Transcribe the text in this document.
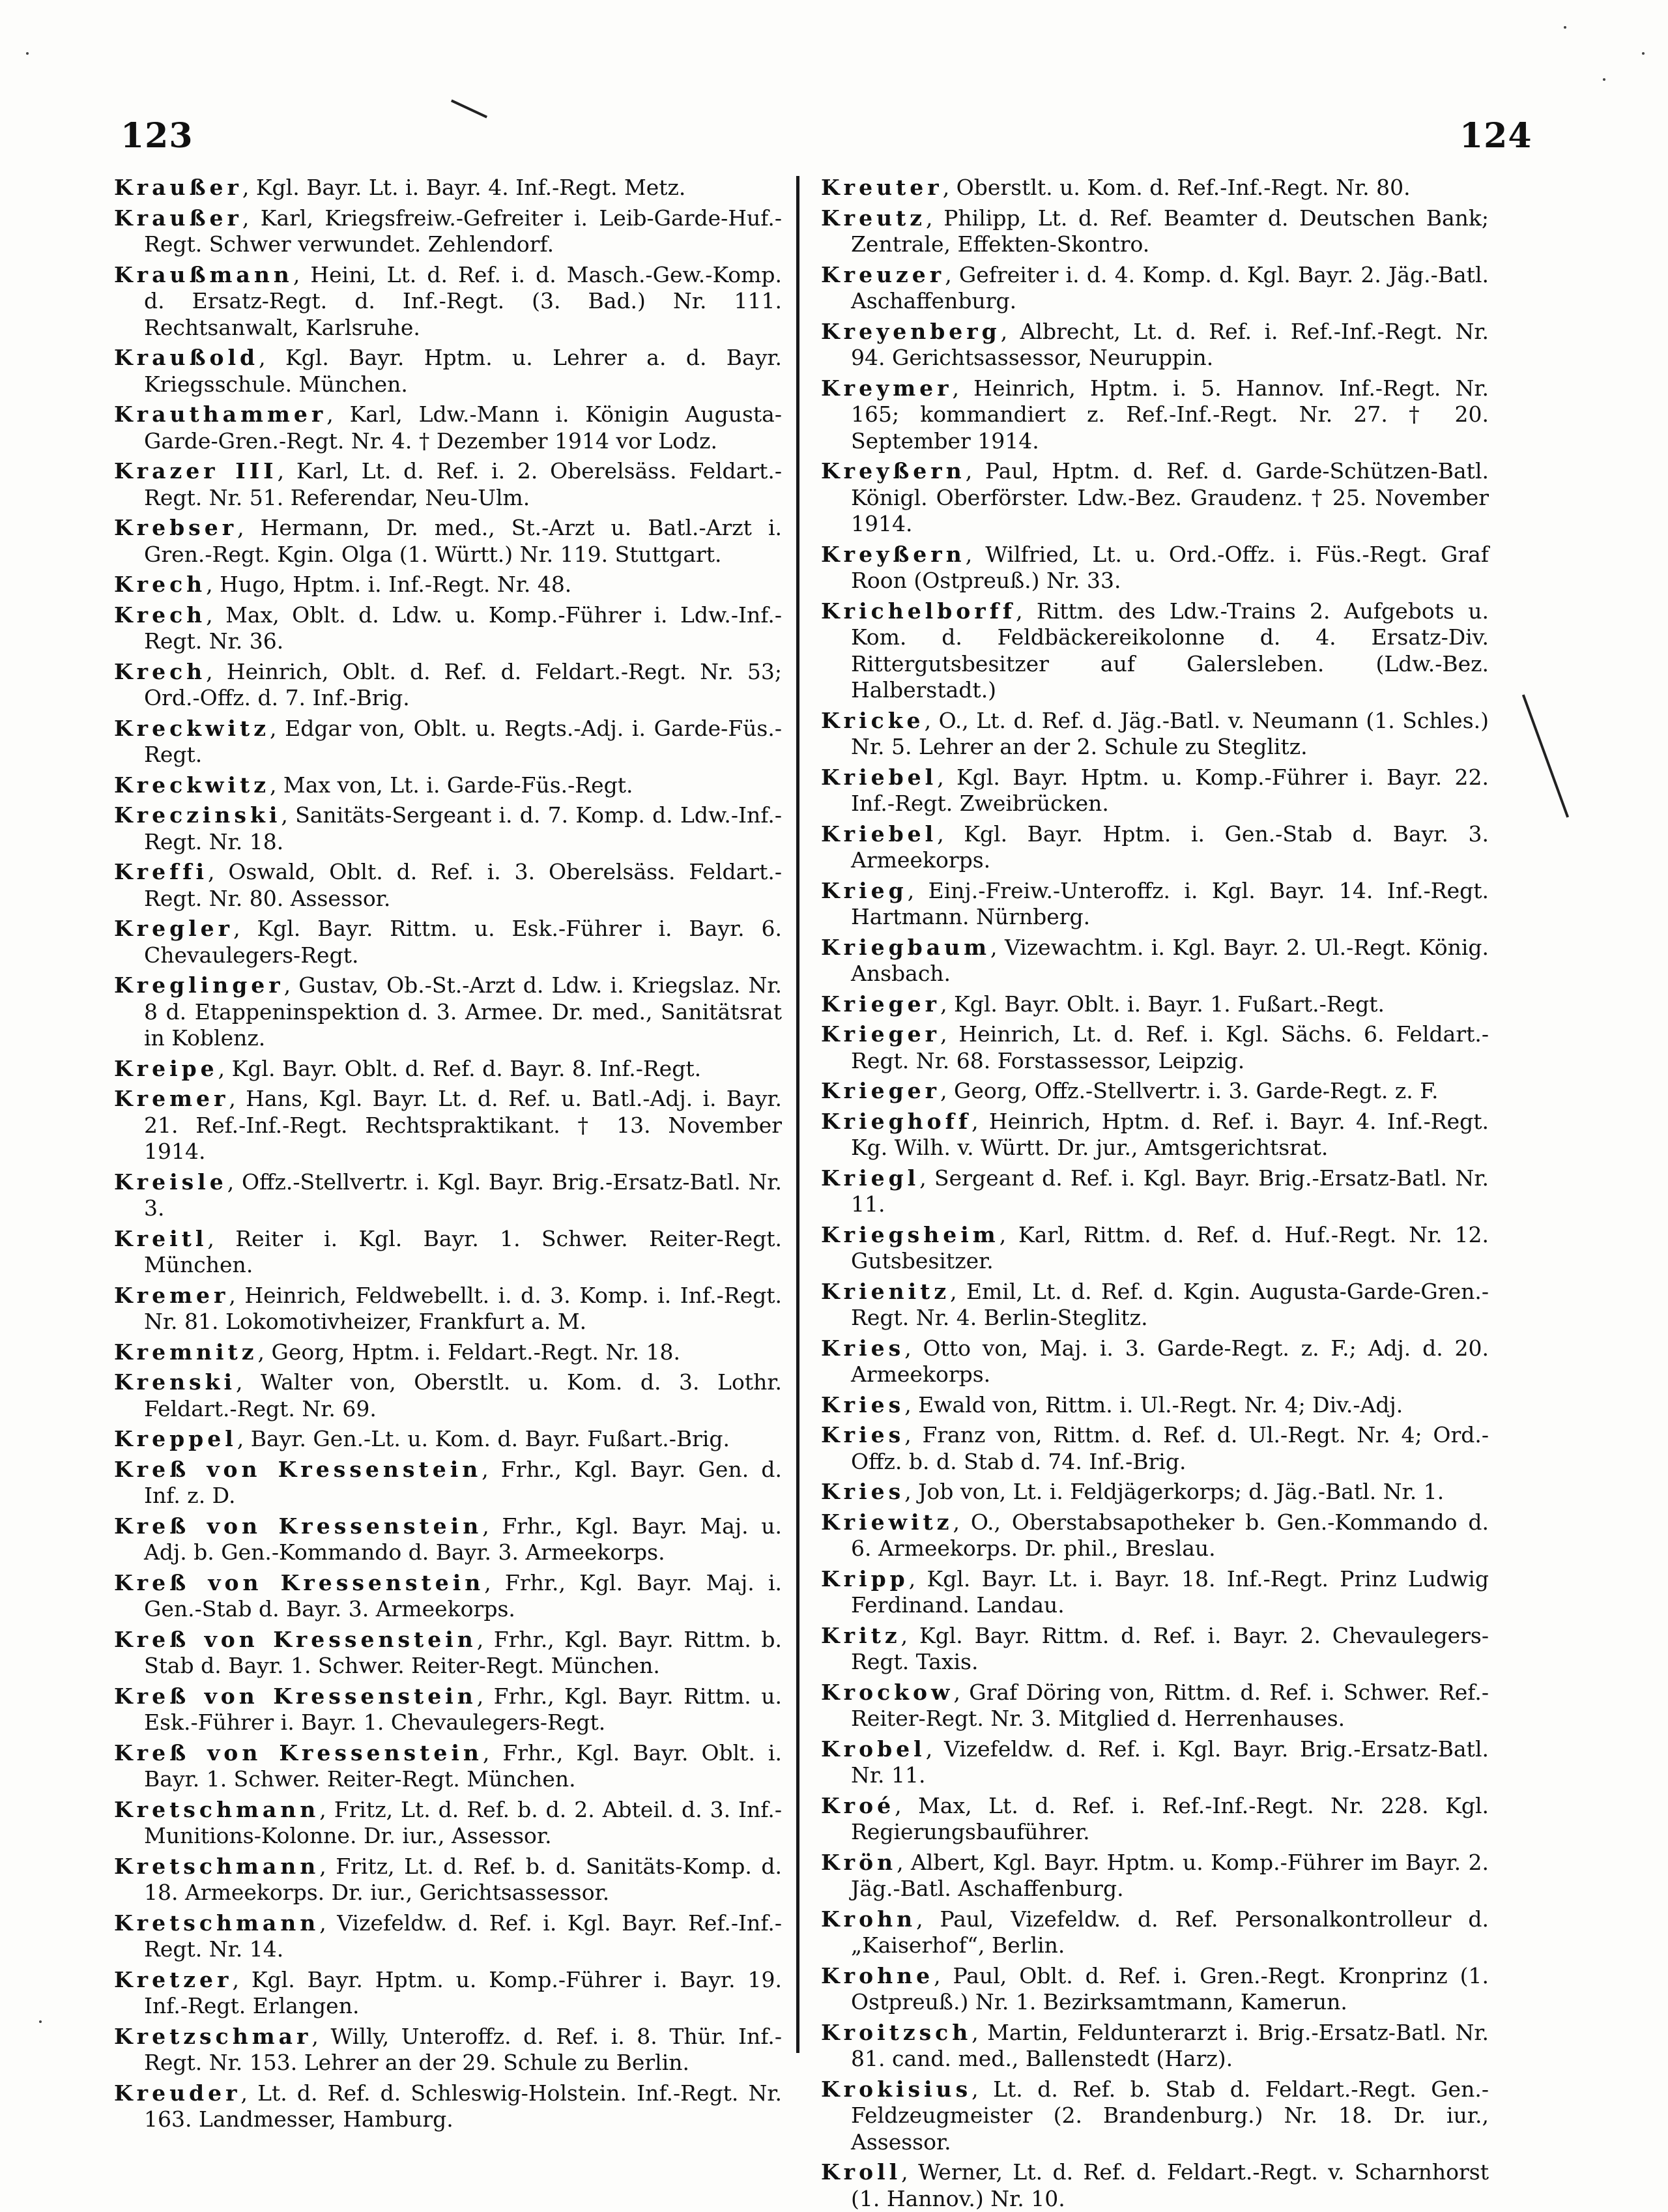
123	124

Kraußer, Kgl. Bayr. Lt. i. Bayr. 4. Inf.-Regt. Metz.

Kraußer, Karl, Kriegsfreiw.-Gefreiter i. Leib-Garde-Huf.-Regt. Schwer verwundet. Zehlendorf.

Kraußmann, Heini, Lt. d. Ref. i. d. Masch.-Gew.-Komp. d. Ersatz-Regt. d. Inf.-Regt. (3. Bad.) Nr. 111. Rechtsanwalt, Karlsruhe.

Kraußold, Kgl. Bayr. Hptm. u. Lehrer a. d. Bayr. Kriegsschule. München.

Krauthammer, Karl, Ldw.-Mann i. Königin Augusta-Garde-Gren.-Regt. Nr. 4. † Dezember 1914 vor Lodz.

Krazer III, Karl, Lt. d. Ref. i. 2. Oberelsäss. Feldart.-Regt. Nr. 51. Referendar, Neu-Ulm.

Krebser, Hermann, Dr. med., St.-Arzt u. Batl.-Arzt i. Gren.-Regt. Kgin. Olga (1. Württ.) Nr. 119. Stuttgart.

Krech, Hugo, Hptm. i. Inf.-Regt. Nr. 48.

Krech, Max, Oblt. d. Ldw. u. Komp.-Führer i. Ldw.-Inf.-Regt. Nr. 36.

Krech, Heinrich, Oblt. d. Ref. d. Feldart.-Regt. Nr. 53; Ord.-Offz. d. 7. Inf.-Brig.

Kreckwitz, Edgar von, Oblt. u. Regts.-Adj. i. Garde-Füs.-Regt.

Kreckwitz, Max von, Lt. i. Garde-Füs.-Regt.

Kreczinski, Sanitäts-Sergeant i. d. 7. Komp. d. Ldw.-Inf.-Regt. Nr. 18.

Kreffi, Oswald, Oblt. d. Ref. i. 3. Oberelsäss. Feldart.-Regt. Nr. 80. Assessor.

Kregler, Kgl. Bayr. Rittm. u. Esk.-Führer i. Bayr. 6. Chevaulegers-Regt.

Kreglinger, Gustav, Ob.-St.-Arzt d. Ldw. i. Kriegslaz. Nr. 8 d. Etappeninspektion d. 3. Armee. Dr. med., Sanitätsrat in Koblenz.

Kreipe, Kgl. Bayr. Oblt. d. Ref. d. Bayr. 8. Inf.-Regt.

Kremer, Hans, Kgl. Bayr. Lt. d. Ref. u. Batl.-Adj. i. Bayr. 21. Ref.-Inf.-Regt. Rechtspraktikant. † 13. November 1914.

Kreisle, Offz.-Stellvertr. i. Kgl. Bayr. Brig.-Ersatz-Batl. Nr. 3.

Kreitl, Reiter i. Kgl. Bayr. 1. Schwer. Reiter-Regt. München.

Kremer, Heinrich, Feldwebellt. i. d. 3. Komp. i. Inf.-Regt. Nr. 81. Lokomotivheizer, Frankfurt a. M.

Kremnitz, Georg, Hptm. i. Feldart.-Regt. Nr. 18.

Krenski, Walter von, Oberstlt. u. Kom. d. 3. Lothr. Feldart.-Regt. Nr. 69.

Kreppel, Bayr. Gen.-Lt. u. Kom. d. Bayr. Fußart.-Brig.

Kreß von Kressenstein, Frhr., Kgl. Bayr. Gen. d. Inf. z. D.

Kreß von Kressenstein, Frhr., Kgl. Bayr. Maj. u. Adj. b. Gen.-Kommando d. Bayr. 3. Armeekorps.

Kreß von Kressenstein, Frhr., Kgl. Bayr. Maj. i. Gen.-Stab d. Bayr. 3. Armeekorps.

Kreß von Kressenstein, Frhr., Kgl. Bayr. Rittm. b. Stab d. Bayr. 1. Schwer. Reiter-Regt. München.

Kreß von Kressenstein, Frhr., Kgl. Bayr. Rittm. u. Esk.-Führer i. Bayr. 1. Chevaulegers-Regt.

Kreß von Kressenstein, Frhr., Kgl. Bayr. Oblt. i. Bayr. 1. Schwer. Reiter-Regt. München.

Kretschmann, Fritz, Lt. d. Ref. b. d. 2. Abteil. d. 3. Inf.-Munitions-Kolonne. Dr. iur., Assessor.

Kretschmann, Fritz, Lt. d. Ref. b. d. Sanitäts-Komp. d. 18. Armeekorps. Dr. iur., Gerichtsassessor.

Kretschmann, Vizefeldw. d. Ref. i. Kgl. Bayr. Ref.-Inf.-Regt. Nr. 14.

Kretzer, Kgl. Bayr. Hptm. u. Komp.-Führer i. Bayr. 19. Inf.-Regt. Erlangen.

Kretzschmar, Willy, Unteroffz. d. Ref. i. 8. Thür. Inf.-Regt. Nr. 153. Lehrer an der 29. Schule zu Berlin.

Kreuder, Lt. d. Ref. d. Schleswig-Holstein. Inf.-Regt. Nr. 163. Landmesser, Hamburg.

Kreuter, Oberstlt. u. Kom. d. Ref.-Inf.-Regt. Nr. 80.

Kreutz, Philipp, Lt. d. Ref. Beamter d. Deutschen Bank; Zentrale, Effekten-Skontro.

Kreuzer, Gefreiter i. d. 4. Komp. d. Kgl. Bayr. 2. Jäg.-Batl. Aschaffenburg.

Kreyenberg, Albrecht, Lt. d. Ref. i. Ref.-Inf.-Regt. Nr. 94. Gerichtsassessor, Neuruppin.

Kreymer, Heinrich, Hptm. i. 5. Hannov. Inf.-Regt. Nr. 165; kommandiert z. Ref.-Inf.-Regt. Nr. 27. † 20. September 1914.

Kreyßern, Paul, Hptm. d. Ref. d. Garde-Schützen-Batl. Königl. Oberförster. Ldw.-Bez. Graudenz. † 25. November 1914.

Kreyßern, Wilfried, Lt. u. Ord.-Offz. i. Füs.-Regt. Graf Roon (Ostpreuß.) Nr. 33.

Krichelborff, Rittm. des Ldw.-Trains 2. Aufgebots u. Kom. d. Feldbäckereikolonne d. 4. Ersatz-Div. Rittergutsbesitzer auf Galersleben. (Ldw.-Bez. Halberstadt.)

Kricke, O., Lt. d. Ref. d. Jäg.-Batl. v. Neumann (1. Schles.) Nr. 5. Lehrer an der 2. Schule zu Steglitz.

Kriebel, Kgl. Bayr. Hptm. u. Komp.-Führer i. Bayr. 22. Inf.-Regt. Zweibrücken.

Kriebel, Kgl. Bayr. Hptm. i. Gen.-Stab d. Bayr. 3. Armeekorps.

Krieg, Einj.-Freiw.-Unteroffz. i. Kgl. Bayr. 14. Inf.-Regt. Hartmann. Nürnberg.

Kriegbaum, Vizewachtm. i. Kgl. Bayr. 2. Ul.-Regt. König. Ansbach.

Krieger, Kgl. Bayr. Oblt. i. Bayr. 1. Fußart.-Regt.

Krieger, Heinrich, Lt. d. Ref. i. Kgl. Sächs. 6. Feldart.-Regt. Nr. 68. Forstassessor, Leipzig.

Krieger, Georg, Offz.-Stellvertr. i. 3. Garde-Regt. z. F.

Krieghoff, Heinrich, Hptm. d. Ref. i. Bayr. 4. Inf.-Regt. Kg. Wilh. v. Württ. Dr. jur., Amtsgerichtsrat.

Kriegl, Sergeant d. Ref. i. Kgl. Bayr. Brig.-Ersatz-Batl. Nr. 11.

Kriegsheim, Karl, Rittm. d. Ref. d. Huf.-Regt. Nr. 12. Gutsbesitzer.

Krienitz, Emil, Lt. d. Ref. d. Kgin. Augusta-Garde-Gren.-Regt. Nr. 4. Berlin-Steglitz.

Kries, Otto von, Maj. i. 3. Garde-Regt. z. F.; Adj. d. 20. Armeekorps.

Kries, Ewald von, Rittm. i. Ul.-Regt. Nr. 4; Div.-Adj.

Kries, Franz von, Rittm. d. Ref. d. Ul.-Regt. Nr. 4; Ord.-Offz. b. d. Stab d. 74. Inf.-Brig.

Kries, Job von, Lt. i. Feldjägerkorps; d. Jäg.-Batl. Nr. 1.

Kriewitz, O., Oberstabsapotheker b. Gen.-Kommando d. 6. Armeekorps. Dr. phil., Breslau.

Kripp, Kgl. Bayr. Lt. i. Bayr. 18. Inf.-Regt. Prinz Ludwig Ferdinand. Landau.

Kritz, Kgl. Bayr. Rittm. d. Ref. i. Bayr. 2. Chevaulegers-Regt. Taxis.

Krockow, Graf Döring von, Rittm. d. Ref. i. Schwer. Ref.-Reiter-Regt. Nr. 3. Mitglied d. Herrenhauses.

Krobel, Vizefeldw. d. Ref. i. Kgl. Bayr. Brig.-Ersatz-Batl. Nr. 11.

Kroé, Max, Lt. d. Ref. i. Ref.-Inf.-Regt. Nr. 228. Kgl. Regierungsbauführer.

Krön, Albert, Kgl. Bayr. Hptm. u. Komp.-Führer im Bayr. 2. Jäg.-Batl. Aschaffenburg.

Krohn, Paul, Vizefeldw. d. Ref. Personalkontrolleur d. „Kaiserhof“, Berlin.

Krohne, Paul, Oblt. d. Ref. i. Gren.-Regt. Kronprinz (1. Ostpreuß.) Nr. 1. Bezirksamtmann, Kamerun.

Kroitzsch, Martin, Feldunterarzt i. Brig.-Ersatz-Batl. Nr. 81. cand. med., Ballenstedt (Harz).

Krokisius, Lt. d. Ref. b. Stab d. Feldart.-Regt. Gen.-Feldzeugmeister (2. Brandenburg.) Nr. 18. Dr. iur., Assessor.

Kroll, Werner, Lt. d. Ref. d. Feldart.-Regt. v. Scharnhorst (1. Hannov.) Nr. 10.
